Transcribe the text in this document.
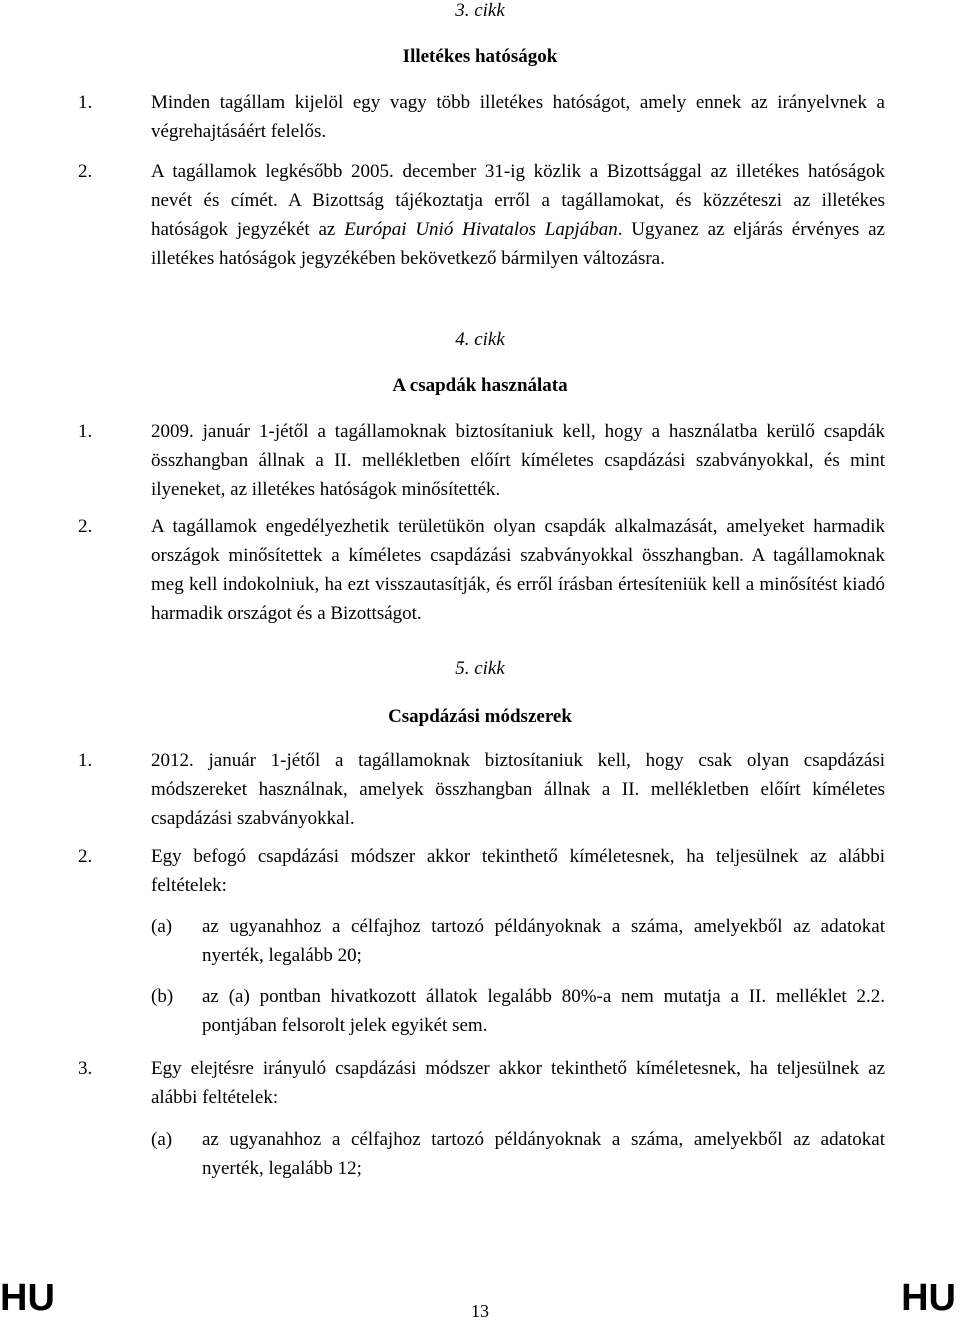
3. cikk
Illetékes hatóságok
1.	Minden tagállam kijelöl egy vagy több illetékes hatóságot, amely ennek az irányelvnek a végrehajtásáért felelős.
2.	A tagállamok legkésőbb 2005. december 31-ig közlik a Bizottsággal az illetékes hatóságok nevét és címét. A Bizottság tájékoztatja erről a tagállamokat, és közzéteszi az illetékes hatóságok jegyzékét az Európai Unió Hivatalos Lapjában. Ugyanez az eljárás érvényes az illetékes hatóságok jegyzékében bekövetkező bármilyen változásra.
4. cikk
A csapdák használata
1.	2009. január 1-jétől a tagállamoknak biztosítaniuk kell, hogy a használatba kerülő csapdák összhangban állnak a II. mellékletben előírt kíméletes csapdázási szabványokkal, és mint ilyeneket, az illetékes hatóságok minősítették.
2.	A tagállamok engedélyezhetik területükön olyan csapdák alkalmazását, amelyeket harmadik országok minősítettek a kíméletes csapdázási szabványokkal összhangban. A tagállamoknak meg kell indokolniuk, ha ezt visszautasítják, és erről írásban értesíteniük kell a minősítést kiadó harmadik országot és a Bizottságot.
5. cikk
Csapdázási módszerek
1.	2012. január 1-jétől a tagállamoknak biztosítaniuk kell, hogy csak olyan csapdázási módszereket használnak, amelyek összhangban állnak a II. mellékletben előírt kíméletes csapdázási szabványokkal.
2.	Egy befogó csapdázási módszer akkor tekinthető kíméletesnek, ha teljesülnek az alábbi feltételek:
(a) az ugyanahhoz a célfajhoz tartozó példányoknak a száma, amelyekből az adatokat nyerték, legalább 20;
(b) az (a) pontban hivatkozott állatok legalább 80%-a nem mutatja a II. melléklet 2.2. pontjában felsorolt jelek egyikét sem.
3.	Egy elejtésre irányuló csapdázási módszer akkor tekinthető kíméletesnek, ha teljesülnek az alábbi feltételek:
(a) az ugyanahhoz a célfajhoz tartozó példányoknak a száma, amelyekből az adatokat nyerték, legalább 12;
HU	13	HU
